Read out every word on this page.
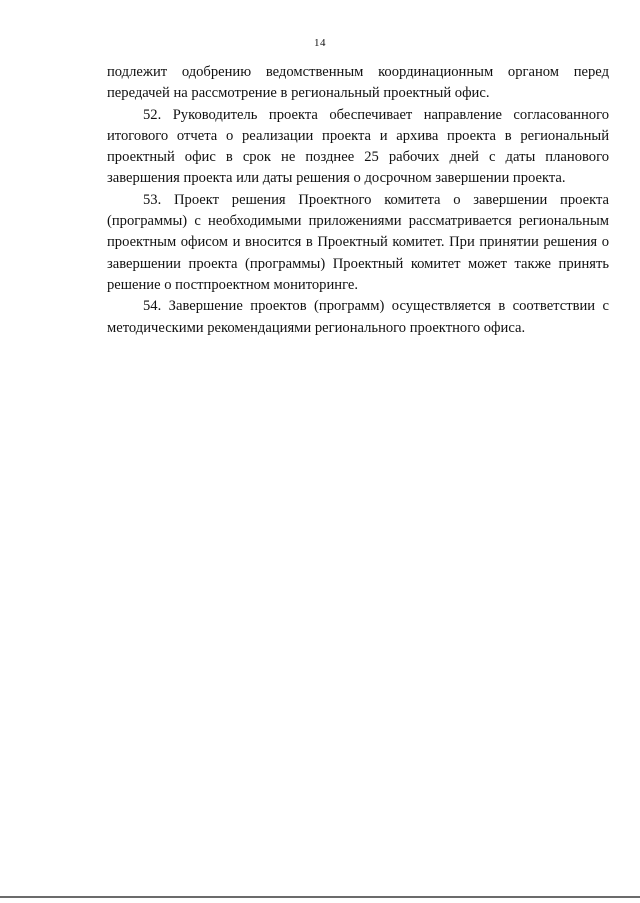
14

подлежит одобрению ведомственным координационным органом перед передачей на рассмотрение в региональный проектный офис.

52. Руководитель проекта обеспечивает направление согласованного итогового отчета о реализации проекта и архива проекта в региональный проектный офис в срок не позднее 25 рабочих дней с даты планового завершения проекта или даты решения о досрочном завершении проекта.

53. Проект решения Проектного комитета о завершении проекта (программы) с необходимыми приложениями рассматривается региональным проектным офисом и вносится в Проектный комитет. При принятии решения о завершении проекта (программы) Проектный комитет может также принять решение о постпроектном мониторинге.

54. Завершение проектов (программ) осуществляется в соответствии с методическими рекомендациями регионального проектного офиса.
